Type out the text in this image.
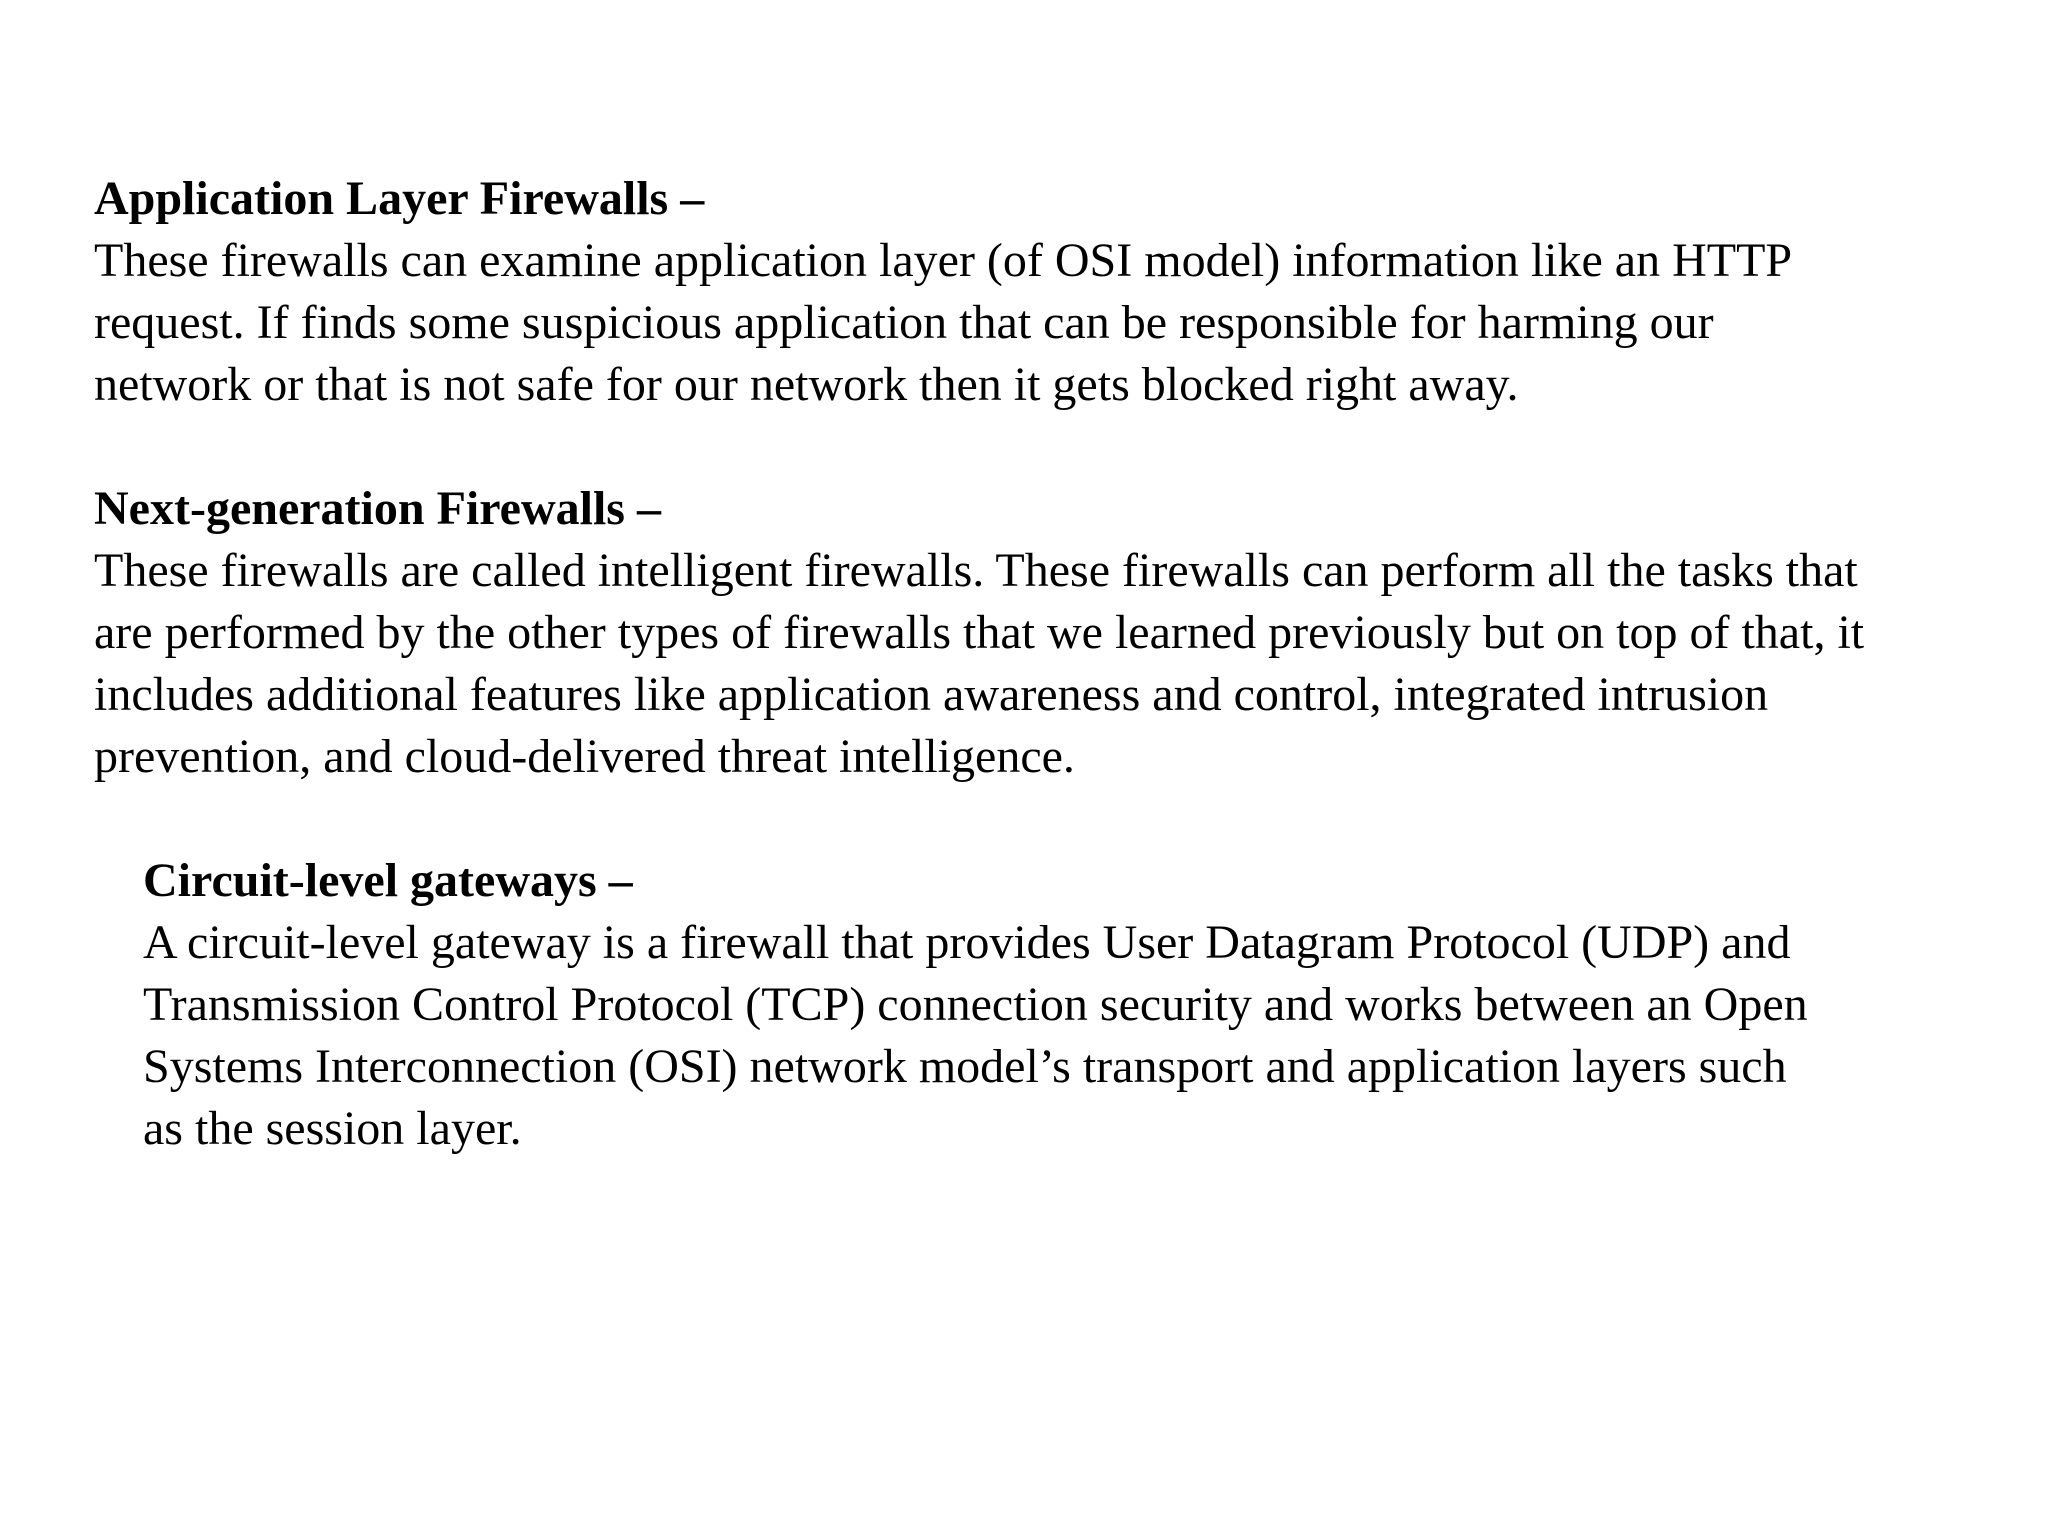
Application Layer Firewalls –

These firewalls can examine application layer (of OSI model) information like an HTTP

request. If finds some suspicious application that can be responsible for harming our

network or that is not safe for our network then it gets blocked right away.

Next-generation Firewalls –

These firewalls are called intelligent firewalls. These firewalls can perform all the tasks that

are performed by the other types of firewalls that we learned previously but on top of that, it

includes additional features like application awareness and control, integrated intrusion

prevention, and cloud-delivered threat intelligence.

Circuit-level gateways –

A circuit-level gateway is a firewall that provides User Datagram Protocol (UDP) and

Transmission Control Protocol (TCP) connection security and works between an Open

Systems Interconnection (OSI) network model’s transport and application layers such

as the session layer.
